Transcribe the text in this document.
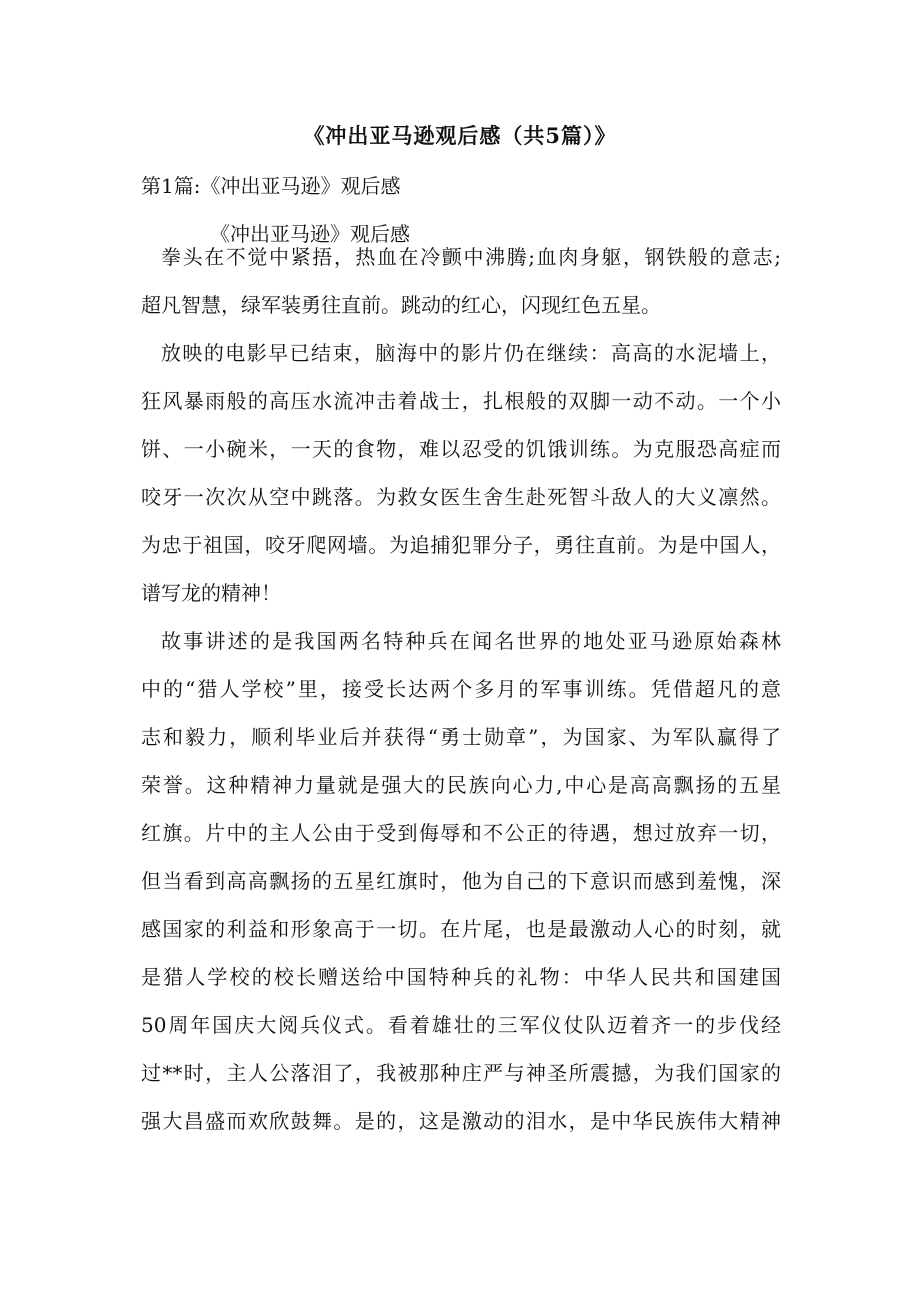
《冲出亚马逊观后感（共5篇）》
第1篇:《冲出亚马逊》观后感
《冲出亚马逊》观后感
拳头在不觉中紧捂，热血在冷颤中沸腾;血肉身躯，钢铁般的意志;
超凡智慧，绿军装勇往直前。跳动的红心，闪现红色五星。
放映的电影早已结束，脑海中的影片仍在继续：高高的水泥墙上，
狂风暴雨般的高压水流冲击着战士，扎根般的双脚一动不动。一个小
饼、一小碗米，一天的食物，难以忍受的饥饿训练。为克服恐高症而
咬牙一次次从空中跳落。为救女医生舍生赴死智斗敌人的大义凛然。
为忠于祖国，咬牙爬网墙。为追捕犯罪分子，勇往直前。为是中国人，
谱写龙的精神！
故事讲述的是我国两名特种兵在闻名世界的地处亚马逊原始森林
中的“猎人学校”里，接受长达两个多月的军事训练。凭借超凡的意
志和毅力，顺利毕业后并获得“勇士勋章”，为国家、为军队赢得了
荣誉。这种精神力量就是强大的民族向心力,中心是高高飘扬的五星
红旗。片中的主人公由于受到侮辱和不公正的待遇，想过放弃一切，
但当看到高高飘扬的五星红旗时，他为自己的下意识而感到羞愧，深
感国家的利益和形象高于一切。在片尾，也是最激动人心的时刻，就
是猎人学校的校长赠送给中国特种兵的礼物：中华人民共和国建国
50周年国庆大阅兵仪式。看着雄壮的三军仪仗队迈着齐一的步伐经
过**时，主人公落泪了，我被那种庄严与神圣所震撼，为我们国家的
强大昌盛而欢欣鼓舞。是的，这是激动的泪水，是中华民族伟大精神
